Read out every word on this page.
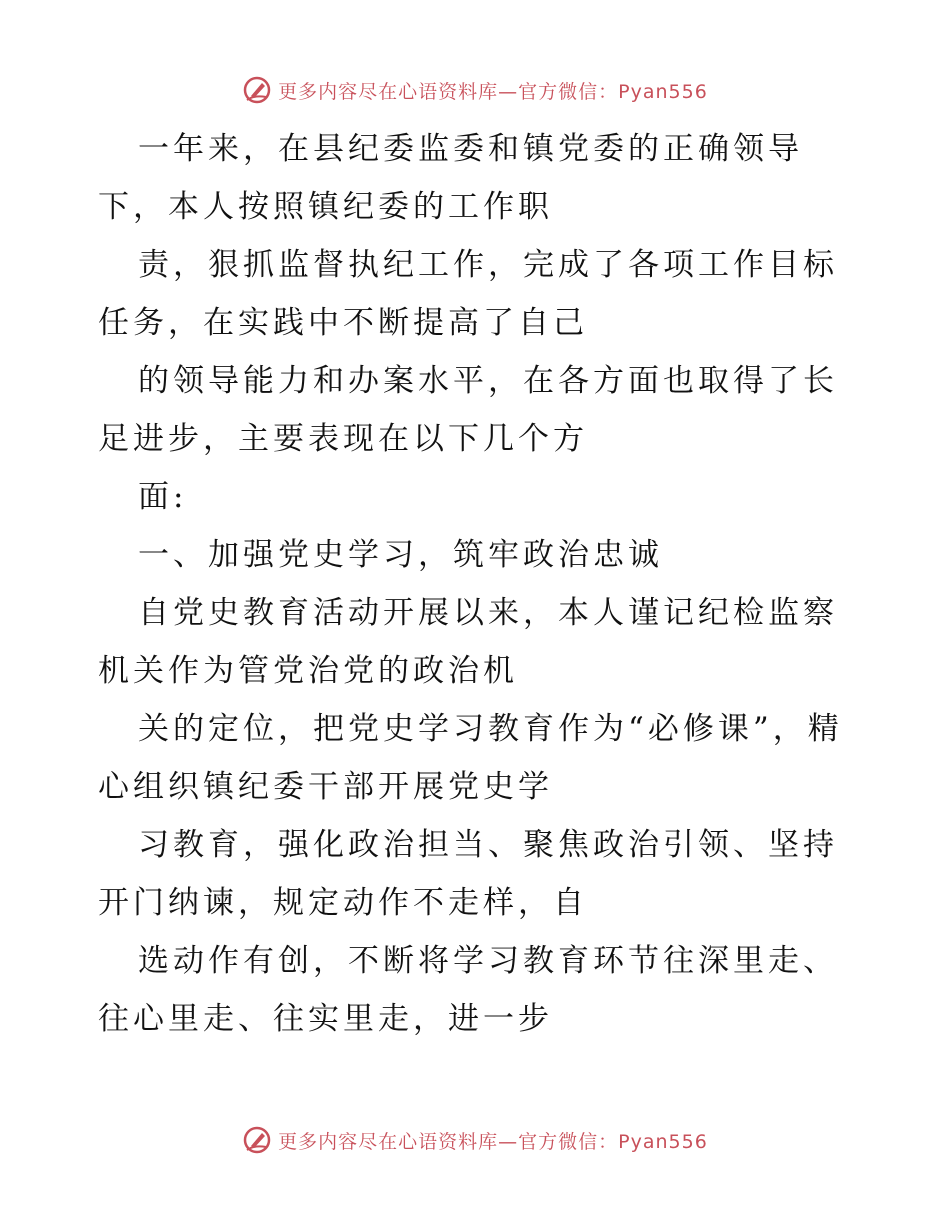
更多内容尽在心语资料库—官方微信：Pyan556

一年来，在县纪委监委和镇党委的正确领导下，本人按照镇纪委的工作职

责，狠抓监督执纪工作，完成了各项工作目标任务，在实践中不断提高了自己

的领导能力和办案水平，在各方面也取得了长足进步，主要表现在以下几个方

面:

一、加强党史学习，筑牢政治忠诚

自党史教育活动开展以来，本人谨记纪检监察机关作为管党治党的政治机

关的定位，把党史学习教育作为“必修课”，精心组织镇纪委干部开展党史学

习教育，强化政治担当、聚焦政治引领、坚持开门纳谏，规定动作不走样，自

选动作有创，不断将学习教育环节往深里走、往心里走、往实里走，进一步

更多内容尽在心语资料库—官方微信：Pyan556
